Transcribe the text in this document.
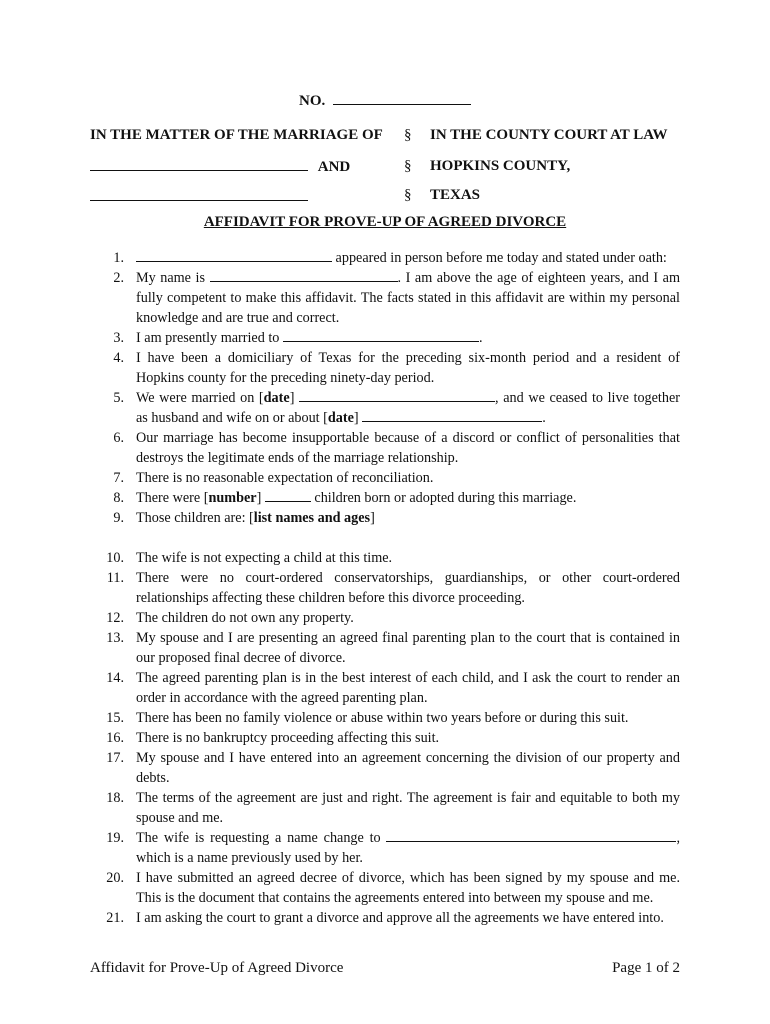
NO.
IN THE MATTER OF THE MARRIAGE OF § IN THE COUNTY COURT AT LAW
AND	§ HOPKINS COUNTY,
§ TEXAS
AFFIDAVIT FOR PROVE-UP OF AGREED DIVORCE
1.	appeared in person before me today and stated under oath:
2. My name is	. I am above the age of eighteen years, and I am fully competent to make this affidavit. The facts stated in this affidavit are within my personal knowledge and are true and correct.
3. I am presently married to	.
4. I have been a domiciliary of Texas for the preceding six-month period and a resident of Hopkins county for the preceding ninety-day period.
5. We were married on [date]	, and we ceased to live together as husband and wife on or about [date]	.
6. Our marriage has become insupportable because of a discord or conflict of personalities that destroys the legitimate ends of the marriage relationship.
7. There is no reasonable expectation of reconciliation.
8. There were [number]	children born or adopted during this marriage.
9. Those children are: [list names and ages]
10. The wife is not expecting a child at this time.
11. There were no court-ordered conservatorships, guardianships, or other court-ordered relationships affecting these children before this divorce proceeding.
12. The children do not own any property.
13. My spouse and I are presenting an agreed final parenting plan to the court that is contained in our proposed final decree of divorce.
14. The agreed parenting plan is in the best interest of each child, and I ask the court to render an order in accordance with the agreed parenting plan.
15. There has been no family violence or abuse within two years before or during this suit.
16. There is no bankruptcy proceeding affecting this suit.
17. My spouse and I have entered into an agreement concerning the division of our property and debts.
18. The terms of the agreement are just and right. The agreement is fair and equitable to both my spouse and me.
19. The wife is requesting a name change to	, which is a name previously used by her.
20. I have submitted an agreed decree of divorce, which has been signed by my spouse and me. This is the document that contains the agreements entered into between my spouse and me.
21. I am asking the court to grant a divorce and approve all the agreements we have entered into.
Affidavit for Prove-Up of Agreed Divorce	Page 1 of 2
